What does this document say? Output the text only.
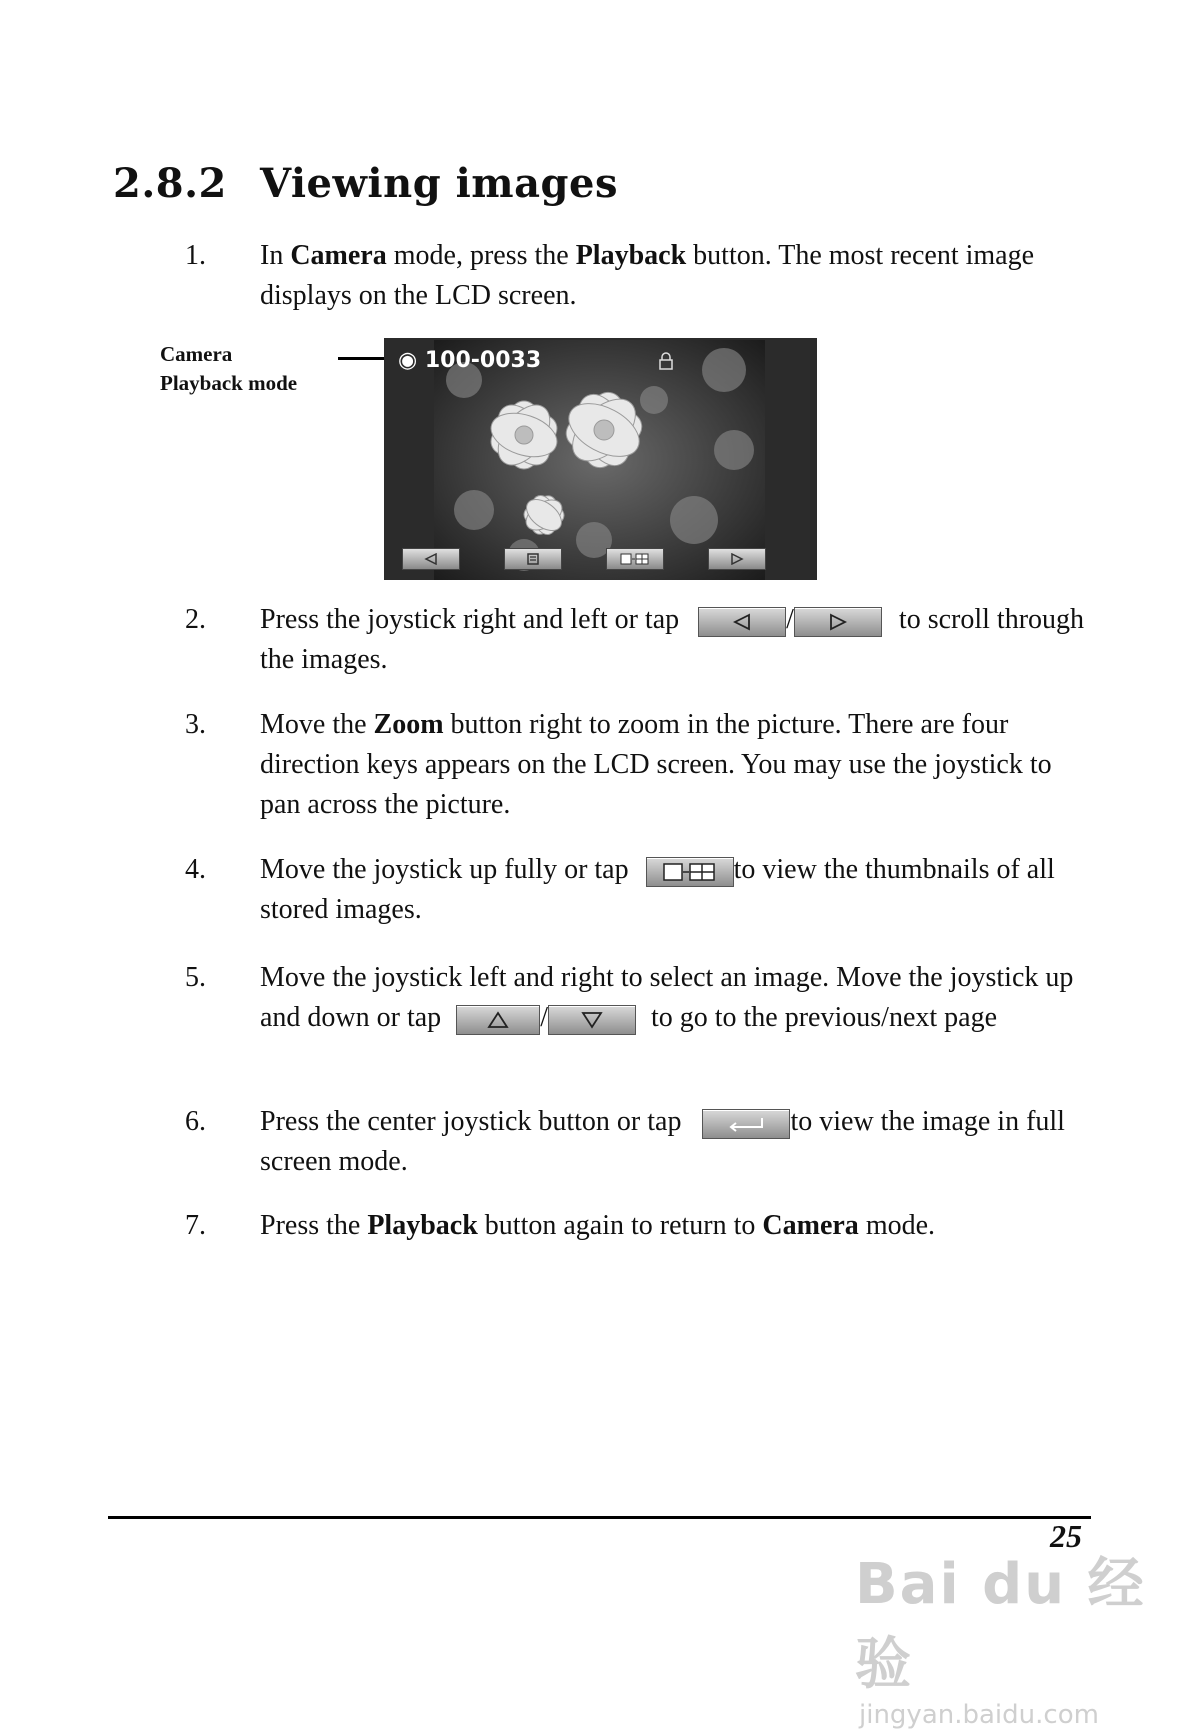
2.8.2 Viewing images
1. In Camera mode, press the Playback button. The most recent image displays on the LCD screen.
Camera
Playback mode
◉ 100-0033
2. Press the joystick right and left or tap	/	to scroll through the images.
3. Move the Zoom button right to zoom in the picture. There are four direction keys appears on the LCD screen. You may use the joystick to pan across the picture.
4. Move the joystick up fully or tap	to view the thumbnails of all stored images.
5. Move the joystick left and right to select an image. Move the joystick up and down or tap	/	to go to the previous/next page
6. Press the center joystick button or tap	to view the image in full screen mode.
7. Press the Playback button again to return to Camera mode.
25
Bai du 经验
jingyan.baidu.com
